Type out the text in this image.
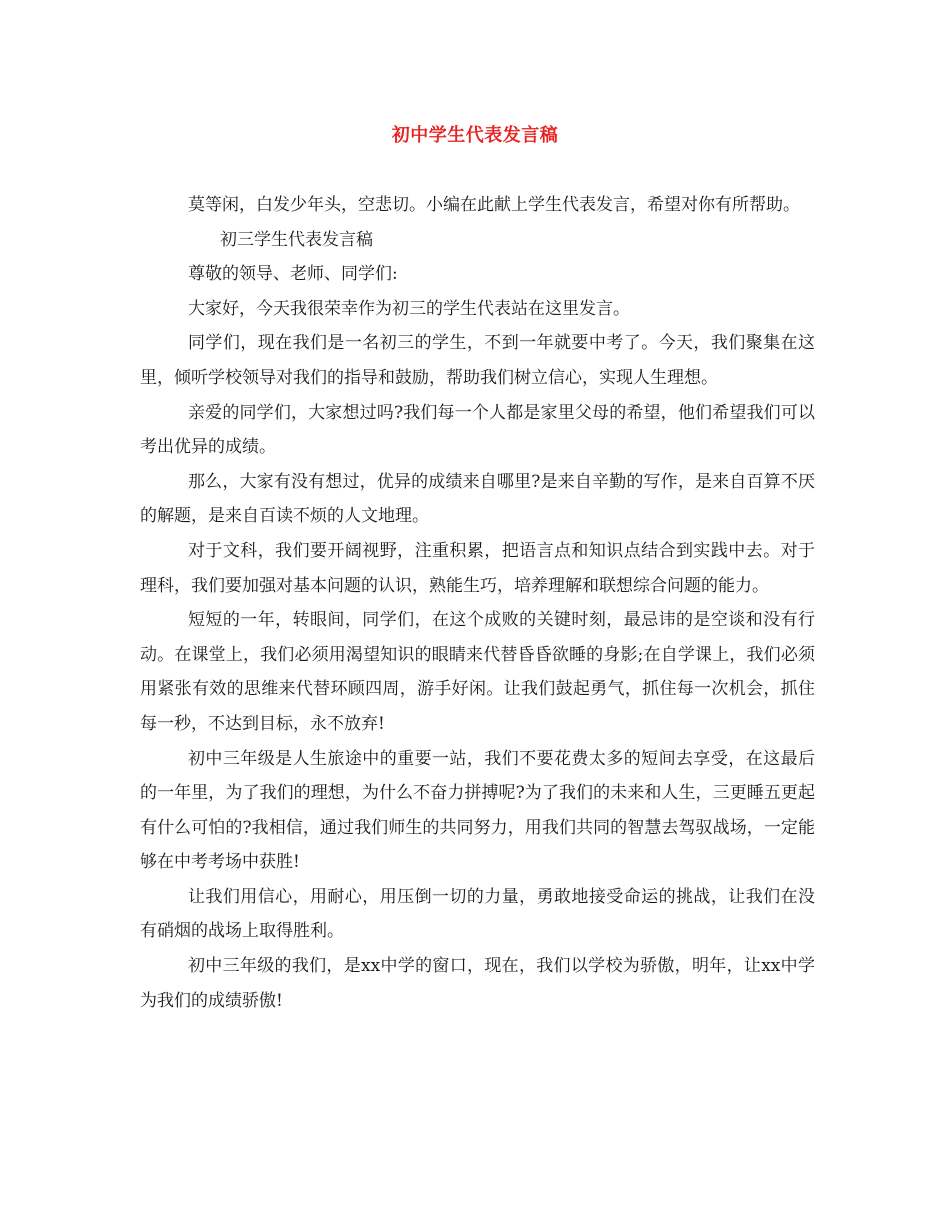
初中学生代表发言稿

莫等闲，白发少年头，空悲切。小编在此献上学生代表发言，希望对你有所帮助。

初三学生代表发言稿

尊敬的领导、老师、同学们:

大家好，今天我很荣幸作为初三的学生代表站在这里发言。

同学们，现在我们是一名初三的学生，不到一年就要中考了。今天，我们聚集在这里，倾听学校领导对我们的指导和鼓励，帮助我们树立信心，实现人生理想。

亲爱的同学们，大家想过吗?我们每一个人都是家里父母的希望，他们希望我们可以考出优异的成绩。

那么，大家有没有想过，优异的成绩来自哪里?是来自辛勤的写作，是来自百算不厌的解题，是来自百读不烦的人文地理。

对于文科，我们要开阔视野，注重积累，把语言点和知识点结合到实践中去。对于理科，我们要加强对基本问题的认识，熟能生巧，培养理解和联想综合问题的能力。

短短的一年，转眼间，同学们，在这个成败的关键时刻，最忌讳的是空谈和没有行动。在课堂上，我们必须用渴望知识的眼睛来代替昏昏欲睡的身影;在自学课上，我们必须用紧张有效的思维来代替环顾四周，游手好闲。让我们鼓起勇气，抓住每一次机会，抓住每一秒，不达到目标，永不放弃!

初中三年级是人生旅途中的重要一站，我们不要花费太多的短间去享受，在这最后的一年里，为了我们的理想，为什么不奋力拼搏呢?为了我们的未来和人生，三更睡五更起有什么可怕的?我相信，通过我们师生的共同努力，用我们共同的智慧去驾驭战场，一定能够在中考考场中获胜!

让我们用信心，用耐心，用压倒一切的力量，勇敢地接受命运的挑战，让我们在没有硝烟的战场上取得胜利。

初中三年级的我们，是xx中学的窗口，现在，我们以学校为骄傲，明年，让xx中学为我们的成绩骄傲!
